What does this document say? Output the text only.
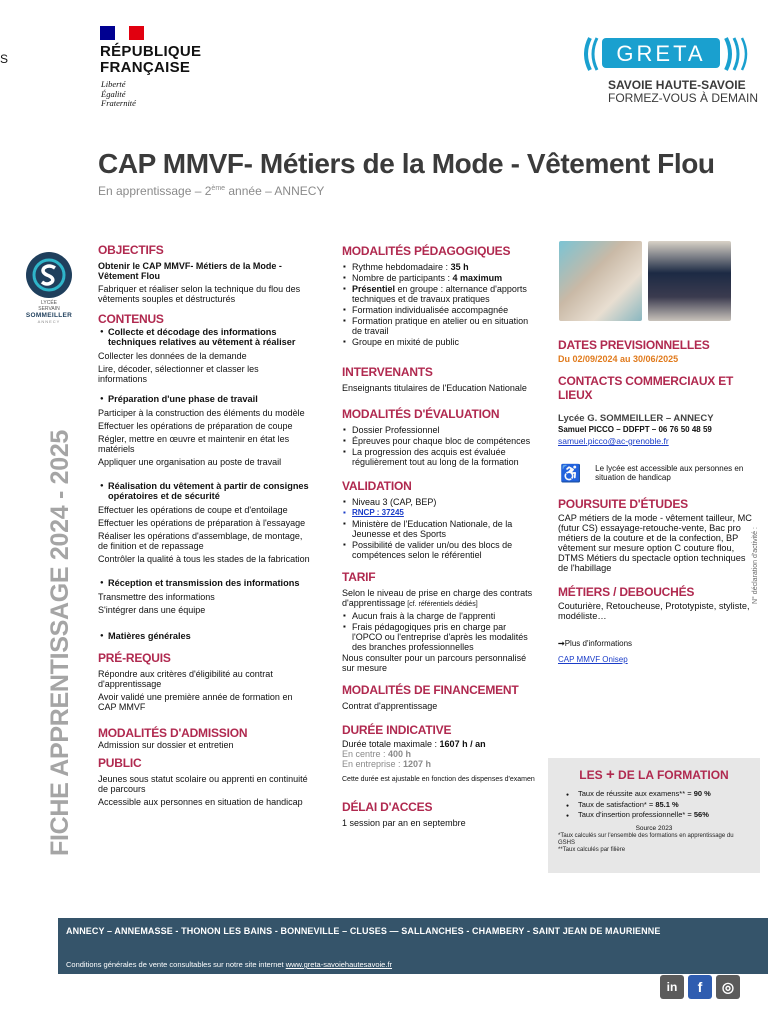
S	RÉPUBLIQUE
FRANÇAISE
Liberté
Égalité
Fraternité
GRETA
SAVOIE HAUTE-SAVOIE
FORMEZ-VOUS À DEMAIN
CAP MMVF- Métiers de la Mode - Vêtement Flou
En apprentissage – 2ème année – ANNECY
FICHE APPRENTISSAGE 2024 - 2025	N° déclaration d'activité :
LYCÉE
SERVAIN
SOMMEILLER
ANNECY
OBJECTIFS

Obtenir le CAP MMVF- Métiers de la Mode - Vêtement Flou

Fabriquer et réaliser selon la technique du flou des vêtements souples et déstructurés

CONTENUS
● Collecte et décodage des informations techniques relatives au vêtement à réaliser

Collecter les données de la demande

Lire, décoder, sélectionner et classer les informations

● Préparation d'une phase de travail

Participer à la construction des éléments du modèle

Effectuer les opérations de préparation de coupe

Régler, mettre en œuvre et maintenir en état les matériels

Appliquer une organisation au poste de travail

● Réalisation du vêtement à partir de consignes opératoires et de sécurité

Effectuer les opérations de coupe et d'entoilage

Effectuer les opérations de préparation à l'essayage

Réaliser les opérations d'assemblage, de montage, de finition et de repassage

Contrôler la qualité à tous les stades de la fabrication

● Réception et transmission des informations

Transmettre des informations

S'intégrer dans une équipe

● Matières générales
PRÉ-REQUIS

Répondre aux critères d'éligibilité au contrat d'apprentissage

Avoir validé une première année de formation en CAP MMVF

MODALITÉS D'ADMISSION

Admission sur dossier et entretien

PUBLIC

Jeunes sous statut scolaire ou apprenti en continuité de parcours

Accessible aux personnes en situation de handicap

MODALITÉS PÉDAGOGIQUES
▪ Rythme hebdomadaire : 35 h
▪ Nombre de participants : 4 maximum
▪ Présentiel en groupe : alternance d'apports techniques et de travaux pratiques
▪ Formation individualisée accompagnée
▪ Formation pratique en atelier ou en situation de travail
▪ Groupe en mixité de public
INTERVENANTS

Enseignants titulaires de l'Education Nationale

MODALITÉS D'ÉVALUATION
▪ Dossier Professionnel
▪ Épreuves pour chaque bloc de compétences
▪ La progression des acquis est évaluée régulièrement tout au long de la formation
VALIDATION
▪ Niveau 3 (CAP, BEP)
▪ RNCP : 37245
▪ Ministère de l'Education Nationale, de la Jeunesse et des Sports
▪ Possibilité de valider un/ou des blocs de compétences selon le référentiel
TARIF

Selon le niveau de prise en charge des contrats d'apprentissage [cf. référentiels dédiés]

▪ Aucun frais à la charge de l'apprenti
▪ Frais pédagogiques pris en charge par l'OPCO ou l'entreprise d'après les modalités des branches professionnelles

Nous consulter pour un parcours personnalisé sur mesure

MODALITÉS DE FINANCEMENT

Contrat d'apprentissage

DURÉE INDICATIVE

Durée totale maximale : 1607 h / an

En centre : 400 h

En entreprise : 1207 h

Cette durée est ajustable en fonction des dispenses d'examen

DÉLAI D'ACCES

1 session par an en septembre

DATES PREVISIONNELLES

Du 02/09/2024 au 30/06/2025

CONTACTS COMMERCIAUX ET LIEUX

Lycée G. SOMMEILLER – ANNECY

Samuel PICCO – DDFPT – 06 76 50 48 59

samuel.picco@ac-grenoble.fr

♿ Le lycée est accessible aux personnes en situation de handicap

POURSUITE D'ÉTUDES

CAP métiers de la mode - vêtement tailleur, MC (futur CS) essayage-retouche-vente, Bac pro métiers de la couture et de la confection, BP vêtement sur mesure option C couture flou, DTMS Métiers du spectacle option techniques de l'habillage

MÉTIERS / DEBOUCHÉS

Couturière, Retoucheuse, Prototypiste, styliste, modéliste…

➞Plus d'informations

CAP MMVF Onisep

LES + DE LA FORMATION
● Taux de réussite aux examens** = 90 %
● Taux de satisfaction* = 85.1 %
● Taux d'insertion professionnelle* = 56%
Source 2023
*Taux calculés sur l'ensemble des formations en apprentissage du GSHS
**Taux calculés par filière
ANNECY – ANNEMASSE - THONON LES BAINS - BONNEVILLE – CLUSES — SALLANCHES - CHAMBERY - SAINT JEAN DE MAURIENNE
Conditions générales de vente consultables sur notre site internet www.greta-savoiehautesavoie.fr
in	f	◎
